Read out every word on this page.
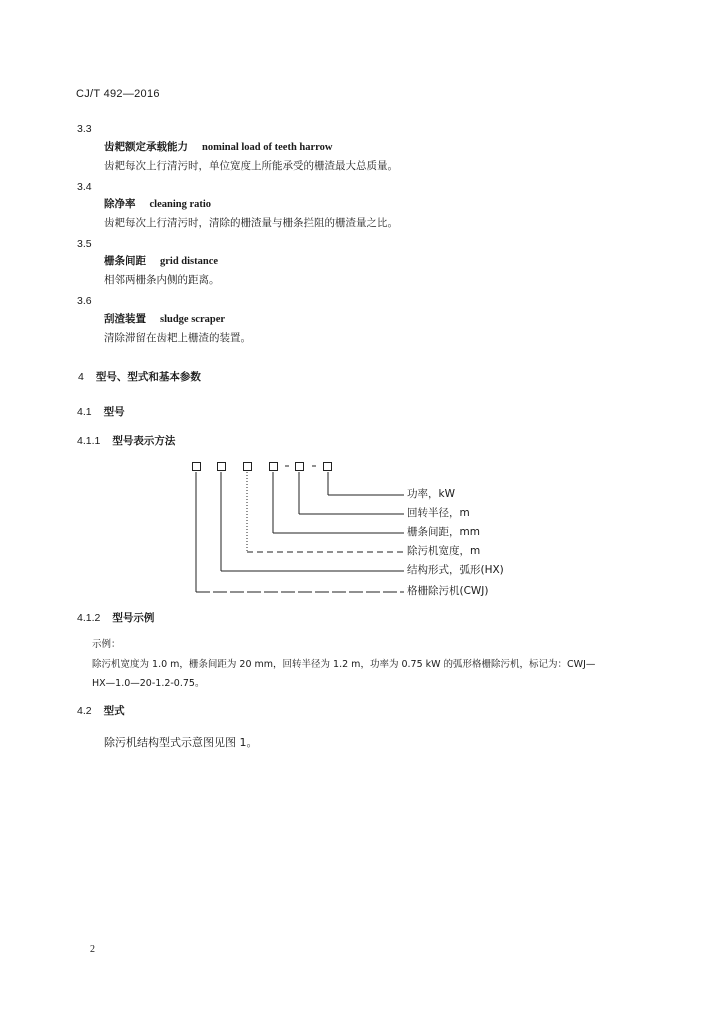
CJ/T 492—2016
3.3
齿耙额定承载能力 nominal load of teeth harrow
齿耙每次上行清污时，单位宽度上所能承受的栅渣最大总质量。
3.4
除净率 cleaning ratio
齿耙每次上行清污时，清除的栅渣量与栅条拦阻的栅渣量之比。
3.5
栅条间距 grid distance
相邻两栅条内侧的距离。
3.6
刮渣装置 sludge scraper
清除滞留在齿耙上栅渣的装置。
4 型号、型式和基本参数
4.1 型号
4.1.1 型号表示方法
功率，kW
回转半径，m
栅条间距，mm
除污机宽度，m
结构形式，弧形(HX)
格栅除污机(CWJ)
4.1.2 型号示例
示例：
除污机宽度为 1.0 m，栅条间距为 20 mm，回转半径为 1.2 m，功率为 0.75 kW 的弧形格栅除污机，标记为：CWJ—
HX—1.0—20-1.2-0.75。
4.2 型式
除污机结构型式示意图见图 1。
2
